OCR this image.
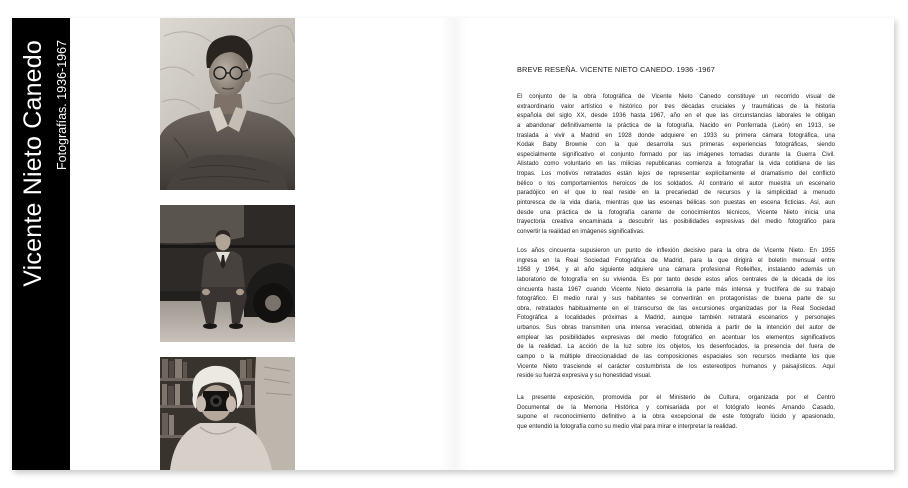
Vicente Nieto Canedo Fotografías. 1936-1967	BREVE RESEÑA. VICENTE NIETO CANEDO. 1936 -1967
El conjunto de la obra fotográfica de Vicente Nieto Canedo constituye un recorrido visual de
extraordinario valor artístico e histórico por tres décadas cruciales y traumáticas de la historia
española del siglo XX, desde 1936 hasta 1967, año en el que las circunstancias laborales le obligan
a abandonar definitivamente la práctica de la fotografía. Nacido en Ponferrada (León) en 1913, se
traslada a vivir a Madrid en 1928 donde adquiere en 1933 su primera cámara fotográfica, una
Kodak Baby Brownie con la que desarrolla sus primeras experiencias fotográficas, siendo
especialmente significativo el conjunto formado por las imágenes tomadas durante la Guerra Civil.
Alistado como voluntario en las milicias republicanas comienza a fotografiar la vida cotidiana de las
tropas. Los motivos retratados están lejos de representar explícitamente el dramatismo del conflicto
bélico o los comportamientos heroicos de los soldados. Al contrario el autor muestra un escenario
paradójico en el que lo real reside en la precariedad de recursos y la simplicidad a menudo
pintoresca de la vida diaria, mientras que las escenas bélicas son puestas en escena ficticias. Así, aun
desde una práctica de la fotografía carente de conocimientos técnicos, Vicente Nieto inicia una
trayectoria creativa encaminada a descubrir las posibilidades expresivas del medio fotográfico para
convertir la realidad en imágenes significativas.
Los años cincuenta supusieron un punto de inflexión decisivo para la obra de Vicente Nieto. En 1955
ingresa en la Real Sociedad Fotográfica de Madrid, para la que dirigirá el boletín mensual entre
1958 y 1964, y al año siguiente adquiere una cámara profesional Rolleiflex, instalando además un
laboratorio de fotografía en su vivienda. Es por tanto desde estos años centrales de la década de los
cincuenta hasta 1967 cuando Vicente Nieto desarrolla la parte más intensa y fructífera de su trabajo
fotográfico. El medio rural y sus habitantes se convertirán en protagonistas de buena parte de su
obra, retratados habitualmente en el transcurso de las excursiones organizadas por la Real Sociedad
Fotográfica a localidades próximas a Madrid, aunque también retratará escenarios y personajes
urbanos. Sus obras transmiten una intensa veracidad, obtenida a partir de la intención del autor de
emplear las posibilidades expresivas del medio fotográfico en acentuar los elementos significativos
de la realidad. La acción de la luz sobre los objetos, los desenfocados, la presencia del fuera de
campo o la múltiple direccionalidad de las composiciones espaciales son recursos mediante los que
Vicente Nieto trasciende el carácter costumbrista de los estereotipos humanos y paisajísticos. Aquí
reside su fuerza expresiva y su honestidad visual.
La presente exposición, promovida por el Ministerio de Cultura, organizada por el Centro
Documental de la Memoria Histórica y comisariada por el fotógrafo leonés Amando Casado,
supone el reconocimiento definitivo a la obra excepcional de este fotógrafo lúcido y apasionado,
que entendió la fotografía como su medio vital para mirar e interpretar la realidad.
